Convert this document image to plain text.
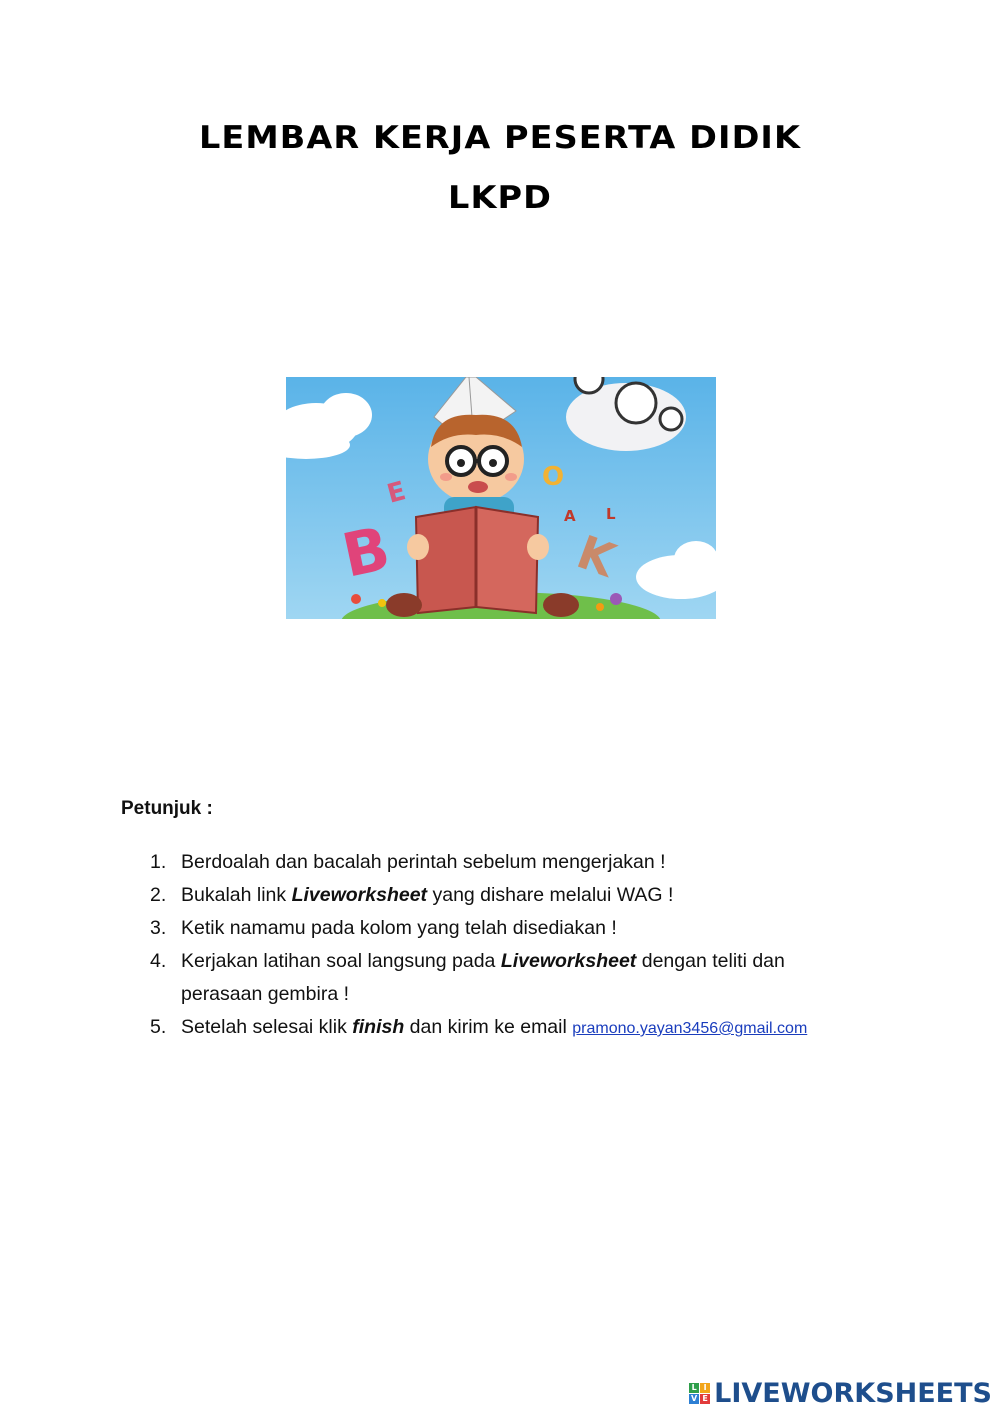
LEMBAR KERJA PESERTA DIDIK
LKPD
B
E	O
A L
K
Petunjuk :
1. Berdoalah dan bacalah perintah sebelum mengerjakan !
2. Bukalah link Liveworksheet yang dishare melalui WAG !
3. Ketik namamu pada kolom yang telah disediakan !
4. Kerjakan latihan soal langsung pada Liveworksheet dengan teliti dan perasaan gembira !
5. Setelah selesai klik finish dan kirim ke email pramono.yayan3456@gmail.com
L I
V E LIVEWORKSHEETS
